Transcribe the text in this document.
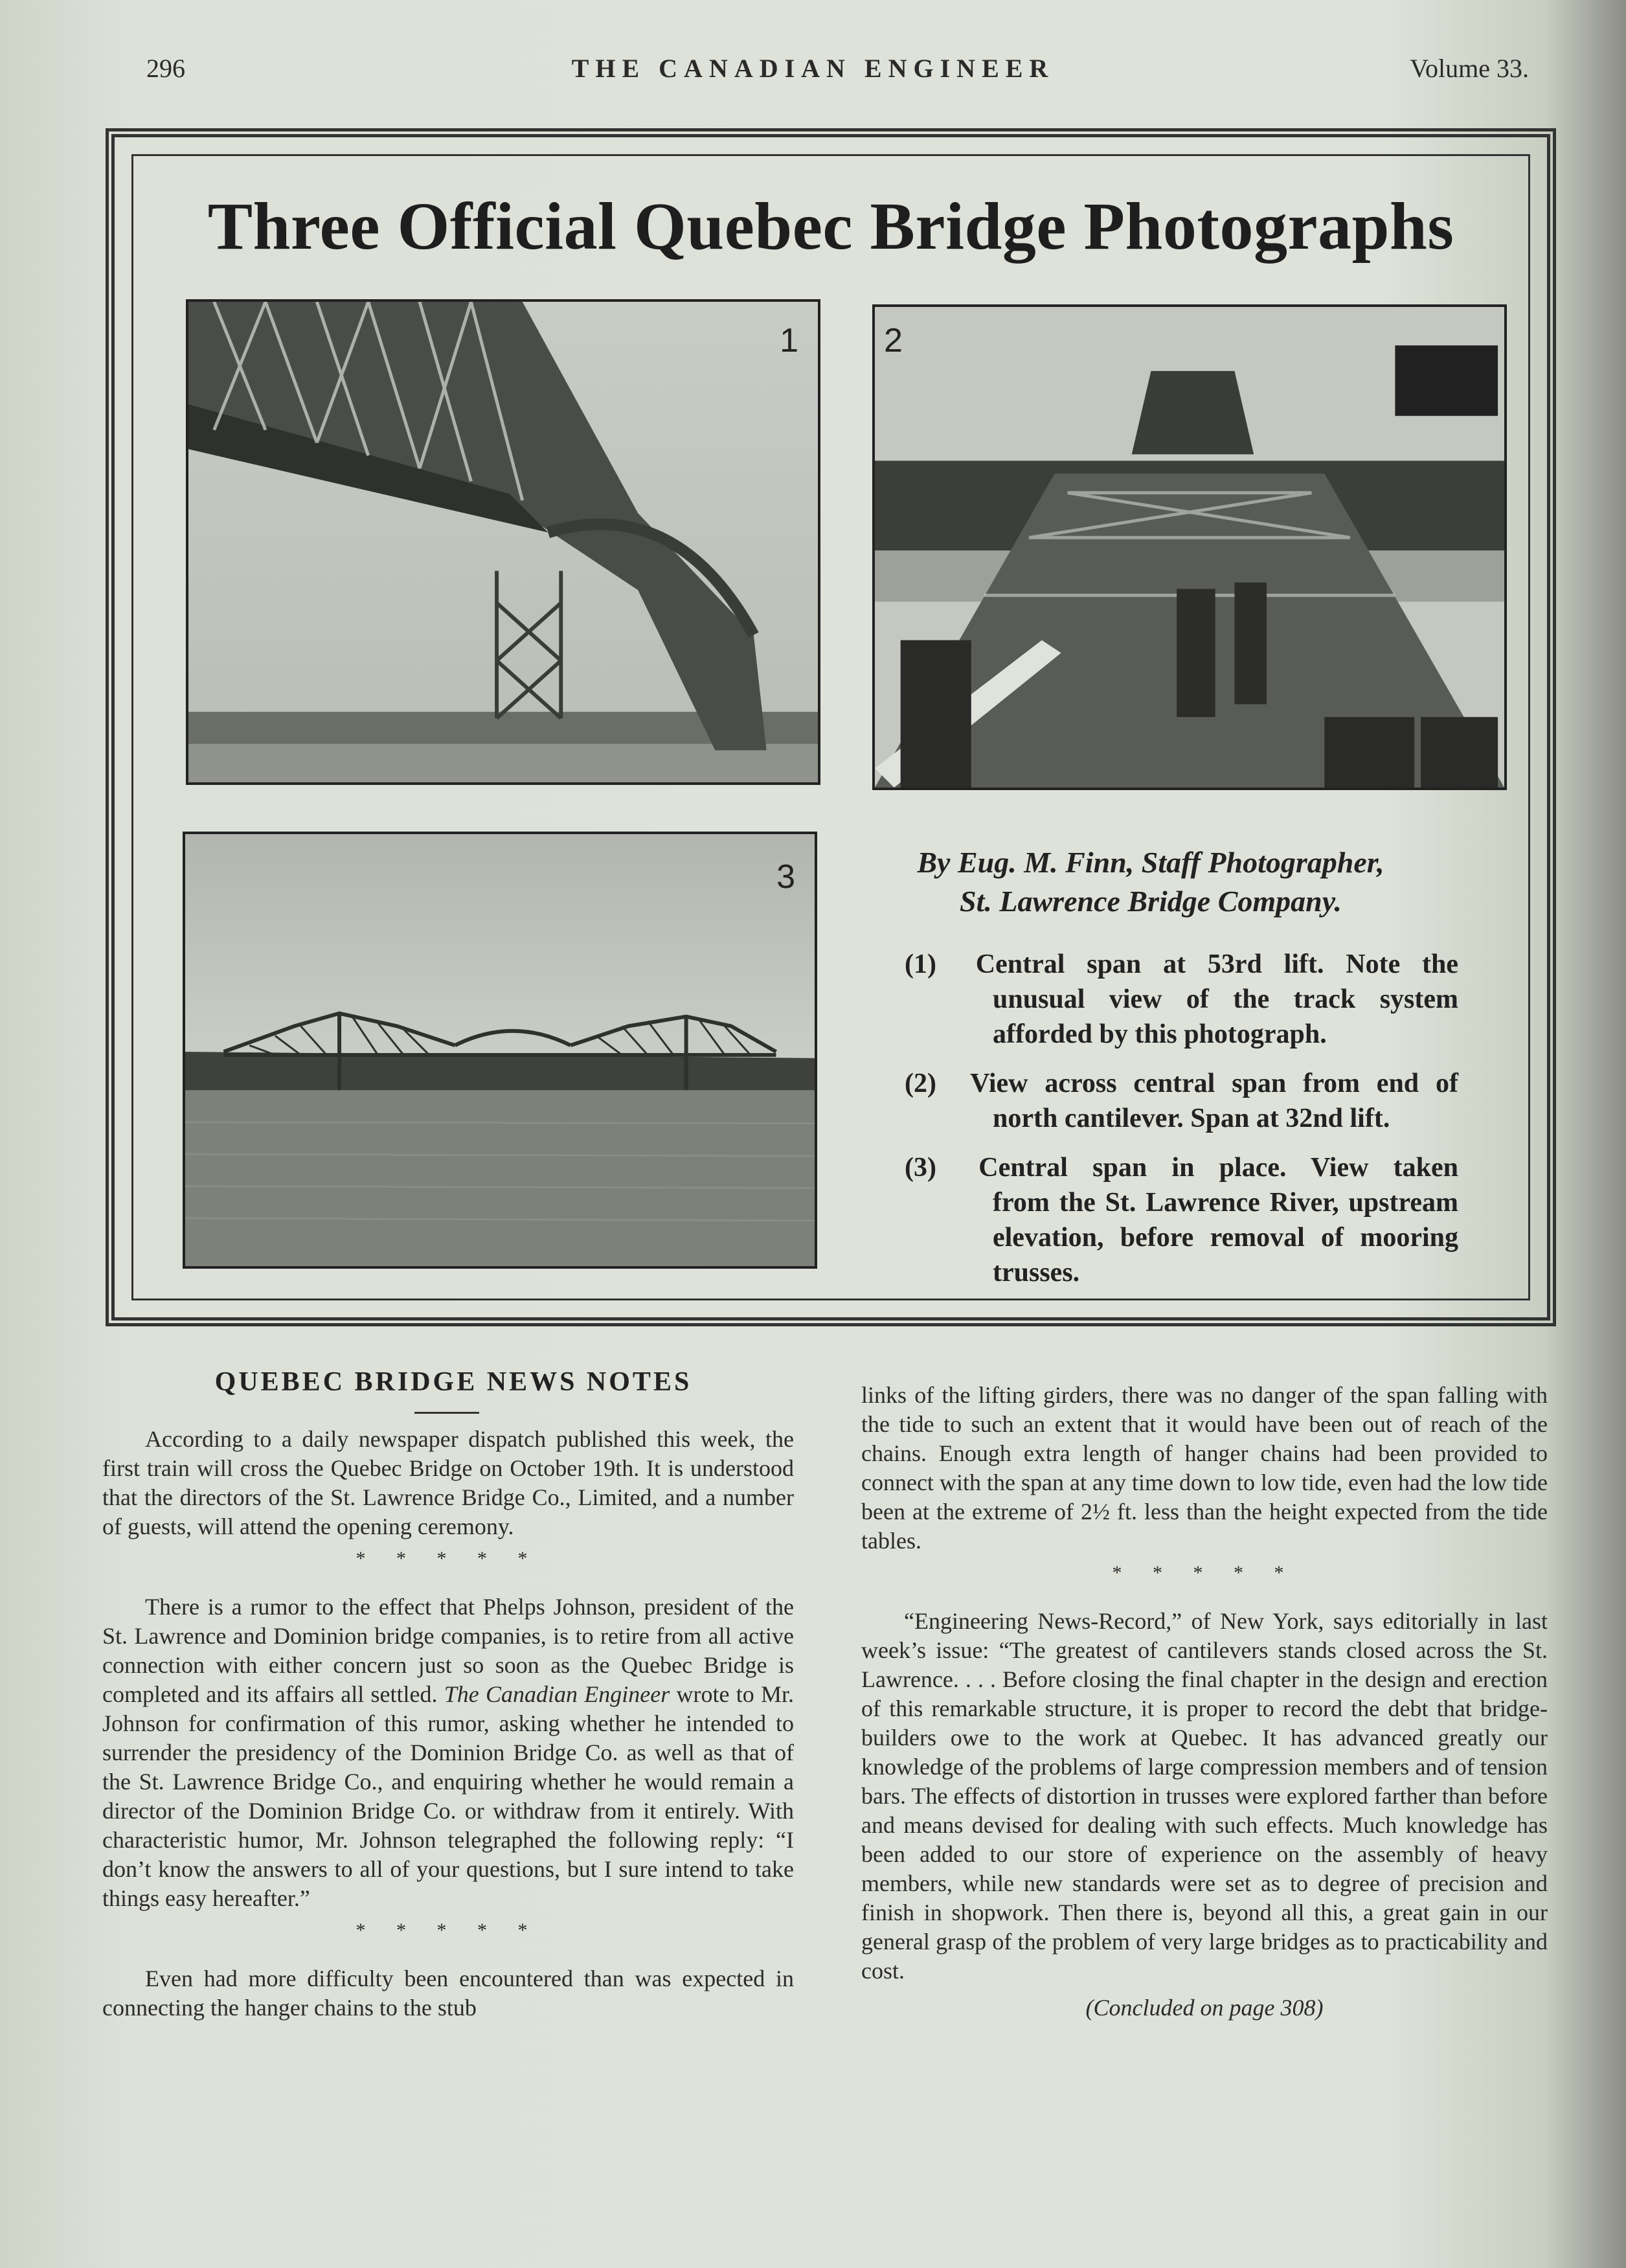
296	THE CANADIAN ENGINEER	Volume 33.
Three Official Quebec Bridge Photographs
1	2
3	By Eug. M. Finn, Staff Photographer,
St. Lawrence Bridge Company.
(1) Central span at 53rd lift. Note the
unusual view of the track system afforded by this photograph.
(2) View across central span from end of
north cantilever. Span at 32nd lift.
(3) Central span in place. View taken
from the St. Lawrence River, upstream elevation, before removal of mooring trusses.
QUEBEC BRIDGE NEWS NOTES

According to a daily newspaper dispatch published this week, the first train will cross the Quebec Bridge on October 19th. It is understood that the directors of the St. Lawrence Bridge Co., Limited, and a number of guests, will attend the opening ceremony.

* * * * *

There is a rumor to the effect that Phelps Johnson, president of the St. Lawrence and Dominion bridge companies, is to retire from all active connection with either concern just so soon as the Quebec Bridge is completed and its affairs all settled. The Canadian Engineer wrote to Mr. Johnson for confirmation of this rumor, asking whether he intended to surrender the presidency of the Dominion Bridge Co. as well as that of the St. Lawrence Bridge Co., and enquiring whether he would remain a director of the Dominion Bridge Co. or withdraw from it entirely. With characteristic humor, Mr. Johnson telegraphed the following reply: “I don’t know the answers to all of your questions, but I sure intend to take things easy hereafter.”

* * * * *

Even had more difficulty been encountered than was expected in connecting the hanger chains to the stub

links of the lifting girders, there was no danger of the span falling with the tide to such an extent that it would have been out of reach of the chains. Enough extra length of hanger chains had been provided to connect with the span at any time down to low tide, even had the low tide been at the extreme of 2½ ft. less than the height expected from the tide tables.

* * * * *

“Engineering News-Record,” of New York, says editorially in last week’s issue: “The greatest of cantilevers stands closed across the St. Lawrence. . . . Before closing the final chapter in the design and erection of this remarkable structure, it is proper to record the debt that bridge-builders owe to the work at Quebec. It has advanced greatly our knowledge of the problems of large compression members and of tension bars. The effects of distortion in trusses were explored farther than before and means devised for dealing with such effects. Much knowledge has been added to our store of experience on the assembly of heavy members, while new standards were set as to degree of precision and finish in shopwork. Then there is, beyond all this, a great gain in our general grasp of the problem of very large bridges as to practicability and cost.

(Concluded on page 308)
